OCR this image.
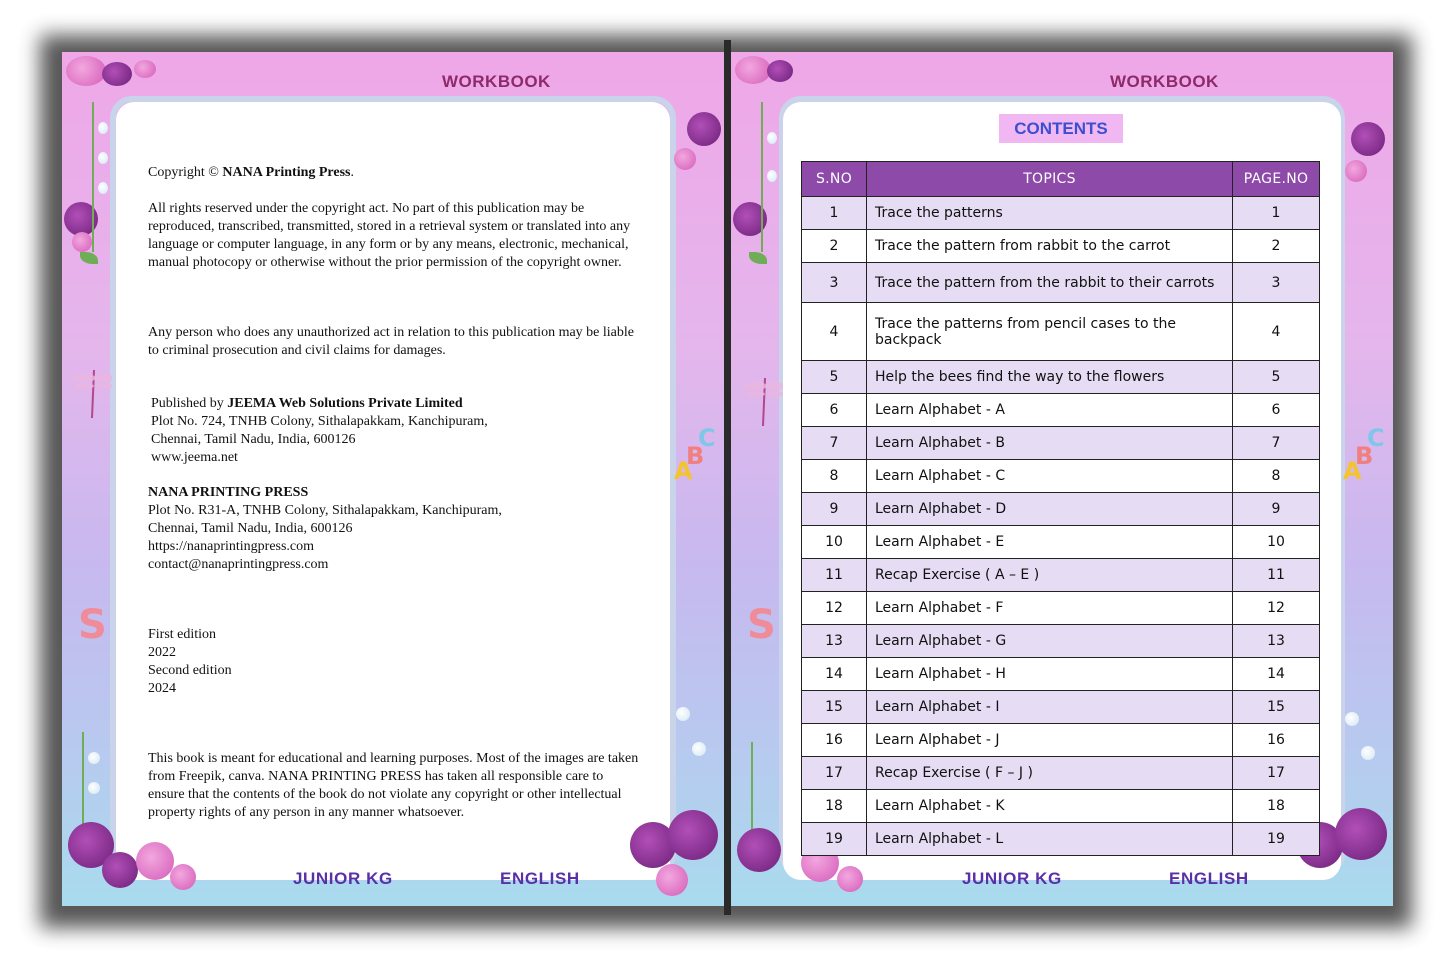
WORKBOOK
A
B
C
S
Copyright © NANA Printing Press.
All rights reserved under the copyright act. No part of this publication may be reproduced, transcribed, transmitted, stored in a retrieval system or translated into any language or computer language, in any form or by any means, electronic, mechanical, manual photocopy or otherwise without the prior permission of the copyright owner.
Any person who does any unauthorized act in relation to this publication may be liable to criminal prosecution and civil claims for damages.
Published by JEEMA Web Solutions Private Limited
Plot No. 724, TNHB Colony, Sithalapakkam, Kanchipuram,
Chennai, Tamil Nadu, India, 600126
www.jeema.net
NANA PRINTING PRESS
Plot No. R31-A, TNHB Colony, Sithalapakkam, Kanchipuram,
Chennai, Tamil Nadu, India, 600126
https://nanaprintingpress.com
contact@nanaprintingpress.com
First edition
2022
Second edition
2024
This book is meant for educational and learning purposes. Most of the images are taken from Freepik, canva. NANA PRINTING PRESS has taken all responsible care to ensure that the contents of the book do not violate any copyright or other intellectual property rights of any person in any manner whatsoever.
JUNIOR KG	ENGLISH
WORKBOOK
A
B
C
S
CONTENTS
S.NO	TOPICS	PAGE.NO
1	Trace the patterns	1
2	Trace the pattern from rabbit to the carrot	2
3	Trace the pattern from the rabbit to their carrots	3
4	Trace the patterns from pencil cases to the backpack	4
5	Help the bees find the way to the flowers	5
6	Learn Alphabet - A	6
7	Learn Alphabet - B	7
8	Learn Alphabet - C	8
9	Learn Alphabet - D	9
10	Learn Alphabet - E	10
11	Recap Exercise ( A – E )	11
12	Learn Alphabet - F	12
13	Learn Alphabet - G	13
14	Learn Alphabet - H	14
15	Learn Alphabet - I	15
16	Learn Alphabet - J	16
17	Recap Exercise ( F – J )	17
18	Learn Alphabet - K	18
19	Learn Alphabet - L	19
JUNIOR KG	ENGLISH
